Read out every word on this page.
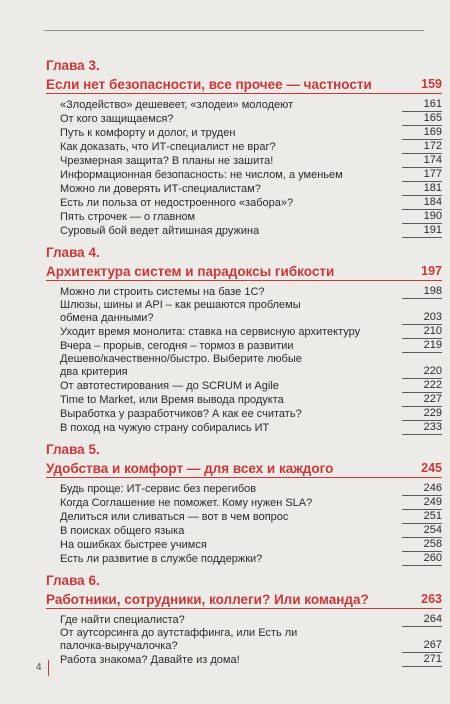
Глава 3.
Если нет безопасности, все прочее — частности	159
«Злодейство» дешевеет, «злодеи» молодеют	161
От кого защищаемся?	165
Путь к комфорту и долог, и труден	169
Как доказать, что ИТ-специалист не враг?	172
Чрезмерная защита? В планы не зашита!	174
Информационная безопасность: не числом, а уменьем	177
Можно ли доверять ИТ-специалистам?	181
Есть ли польза от недостроенного «забора»?	184
Пять строчек — о главном	190
Суровый бой ведет айтишная дружина	191
Глава 4.
Архитектура систем и парадоксы гибкости	197
Можно ли строить системы на базе 1С?	198
Шлюзы, шины и API – как решаются проблемы
обмена данными?	203
Уходит время монолита: ставка на сервисную архитектуру	210
Вчера – прорыв, сегодня – тормоз в развитии	219
Дешево/качественно/быстро. Выберите любые
два критерия	220
От автотестирования — до SCRUM и Agile	222
Time to Market, или Время вывода продукта	227
Выработка у разработчиков? А как ее считать?	229
В поход на чужую страну собирались ИТ	233
Глава 5.
Удобства и комфорт — для всех и каждого	245
Будь проще: ИТ-сервис без перегибов	246
Когда Соглашение не поможет. Кому нужен SLA?	249
Делиться или сливаться — вот в чем вопрос	251
В поисках общего языка	254
На ошибках быстрее учимся	258
Есть ли развитие в службе поддержки?	260
Глава 6.
Работники, сотрудники, коллеги? Или команда?	263
Где найти специалиста?	264
От аутсорсинга до аутстаффинга, или Есть ли
палочка-выручалочка?	267
Работа знакома? Давайте из дома!	271
4
